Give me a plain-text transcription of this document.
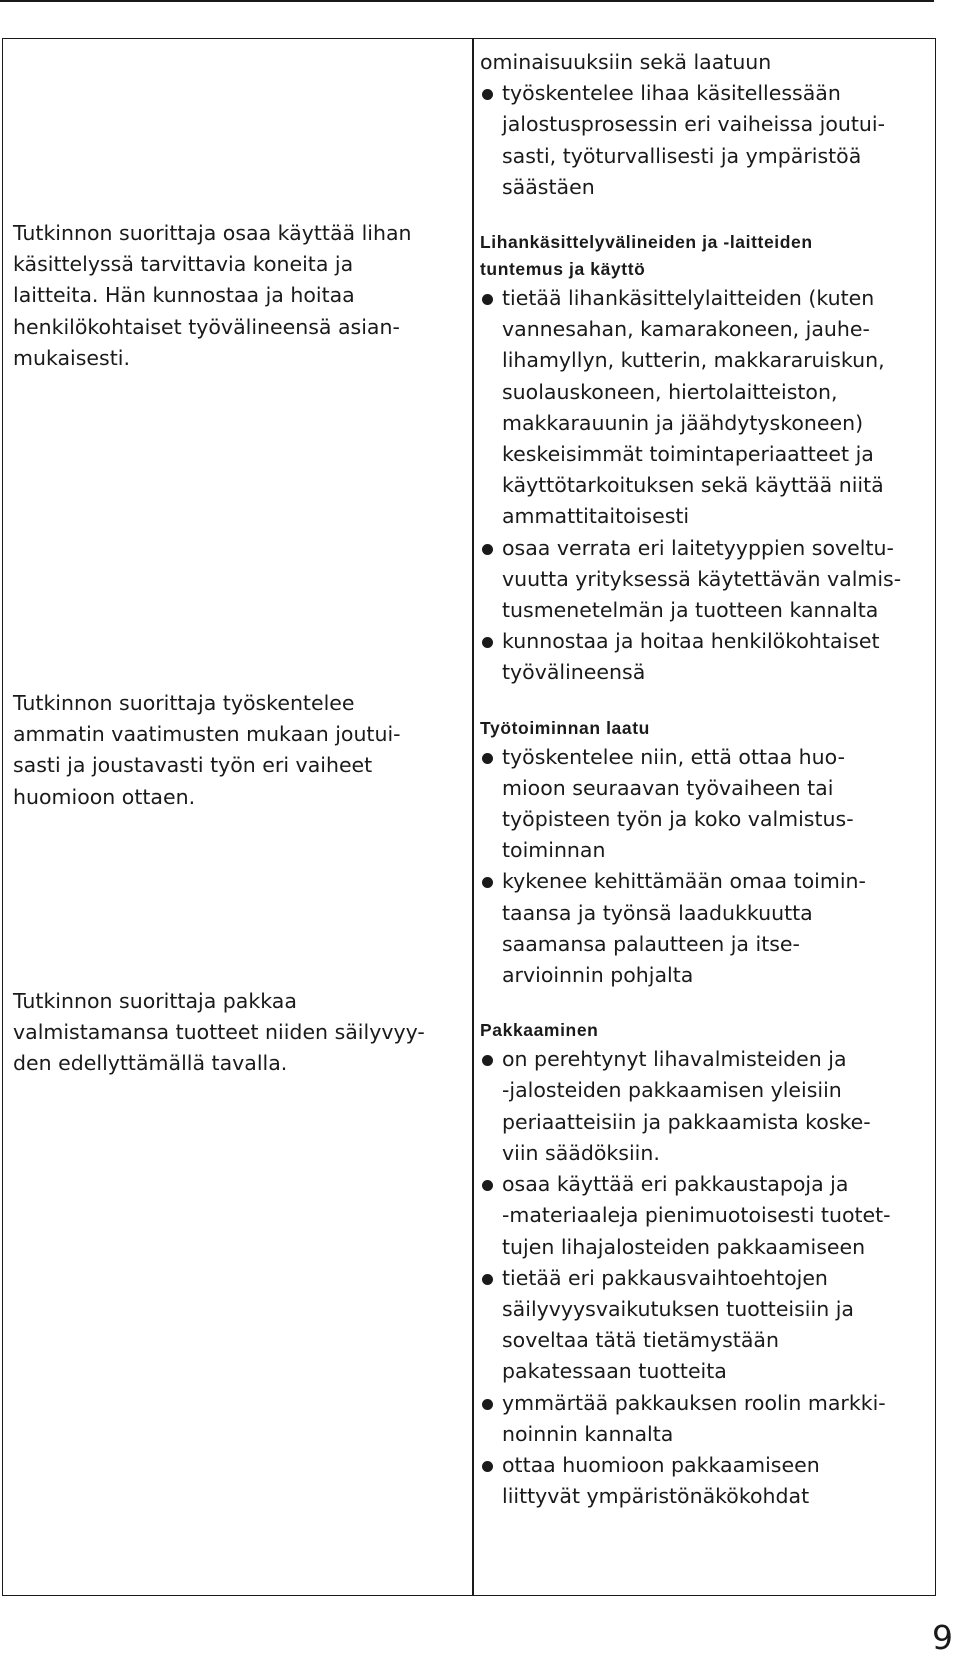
Tutkinnon suorittaja osaa käyttää lihan
käsittelyssä tarvittavia koneita ja
laitteita. Hän kunnostaa ja hoitaa
henkilökohtaiset työvälineensä asian-
mukaisesti.

Tutkinnon suorittaja työskentelee
ammatin vaatimusten mukaan joutui-
sasti ja joustavasti työn eri vaiheet
huomioon ottaen.

Tutkinnon suorittaja pakkaa
valmistamansa tuotteet niiden säilyvyy-
den edellyttämällä tavalla.

ominaisuuksiin sekä laatuun
työskentelee lihaa käsitellessään
jalostusprosessin eri vaiheissa joutui-
sasti, työturvallisesti ja ympäristöä
säästäen
Lihankäsittelyvälineiden ja -laitteiden
tuntemus ja käyttö
tietää lihankäsittelylaitteiden (kuten
vannesahan, kamarakoneen, jauhe-
lihamyllyn, kutterin, makkararuiskun,
suolauskoneen, hiertolaitteiston,
makkarauunin ja jäähdytyskoneen)
keskeisimmät toimintaperiaatteet ja
käyttötarkoituksen sekä käyttää niitä
ammattitaitoisesti
osaa verrata eri laitetyyppien soveltu-
vuutta yrityksessä käytettävän valmis-
tusmenetelmän ja tuotteen kannalta
kunnostaa ja hoitaa henkilökohtaiset
työvälineensä
Työtoiminnan laatu
työskentelee niin, että ottaa huo-
mioon seuraavan työvaiheen tai
työpisteen työn ja koko valmistus-
toiminnan
kykenee kehittämään omaa toimin-
taansa ja työnsä laadukkuutta
saamansa palautteen ja itse-
arvioinnin pohjalta
Pakkaaminen
on perehtynyt lihavalmisteiden ja
-jalosteiden pakkaamisen yleisiin
periaatteisiin ja pakkaamista koske-
viin säädöksiin.
osaa käyttää eri pakkaustapoja ja
-materiaaleja pienimuotoisesti tuotet-
tujen lihajalosteiden pakkaamiseen
tietää eri pakkausvaihtoehtojen
säilyvyysvaikutuksen tuotteisiin ja
soveltaa tätä tietämystään
pakatessaan tuotteita
ymmärtää pakkauksen roolin markki-
noinnin kannalta
ottaa huomioon pakkaamiseen
liittyvät ympäristönäkökohdat
9
